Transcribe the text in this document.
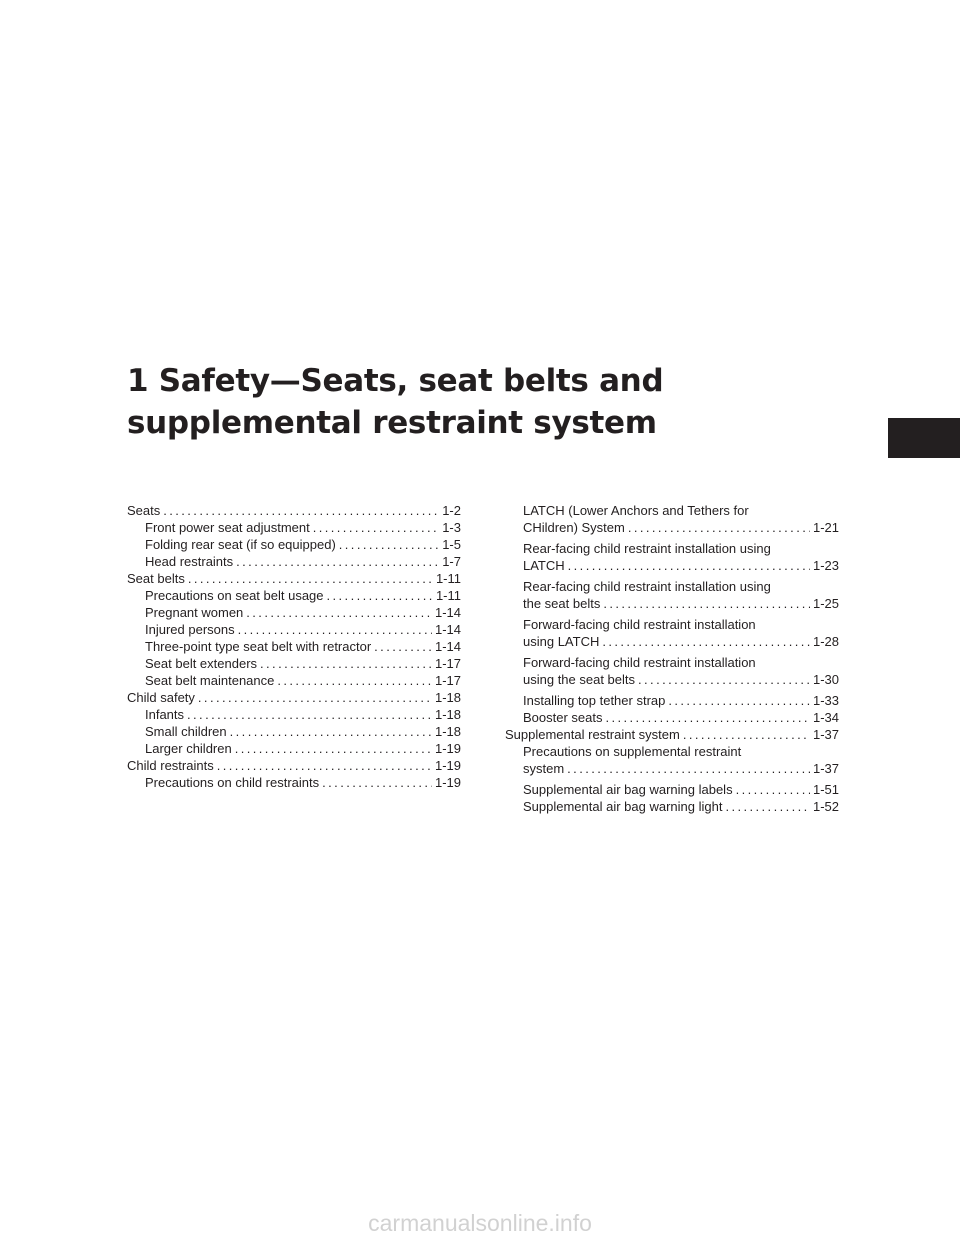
1 Safety—Seats, seat belts and
supplemental restraint system
Seats .....	1-2
Front power seat adjustment .....	1-3
Folding rear seat (if so equipped) .....	1-5
Head restraints .....	1-7
Seat belts .....	1-11
Precautions on seat belt usage .....	1-11
Pregnant women .....	1-14
Injured persons .....	1-14
Three-point type seat belt with retractor .....	1-14
Seat belt extenders .....	1-17
Seat belt maintenance .....	1-17
Child safety .....	1-18
Infants .....	1-18
Small children .....	1-18
Larger children .....	1-19
Child restraints .....	1-19
Precautions on child restraints .....	1-19
LATCH (Lower Anchors and Tethers for
CHildren) System .....	1-21
Rear-facing child restraint installation using
LATCH .....	1-23
Rear-facing child restraint installation using
the seat belts .....	1-25
Forward-facing child restraint installation
using LATCH .....	1-28
Forward-facing child restraint installation
using the seat belts .....	1-30
Installing top tether strap .....	1-33
Booster seats .....	1-34
Supplemental restraint system .....	1-37
Precautions on supplemental restraint
system .....	1-37
Supplemental air bag warning labels .....	1-51
Supplemental air bag warning light .....	1-52
carmanualsonline.info
